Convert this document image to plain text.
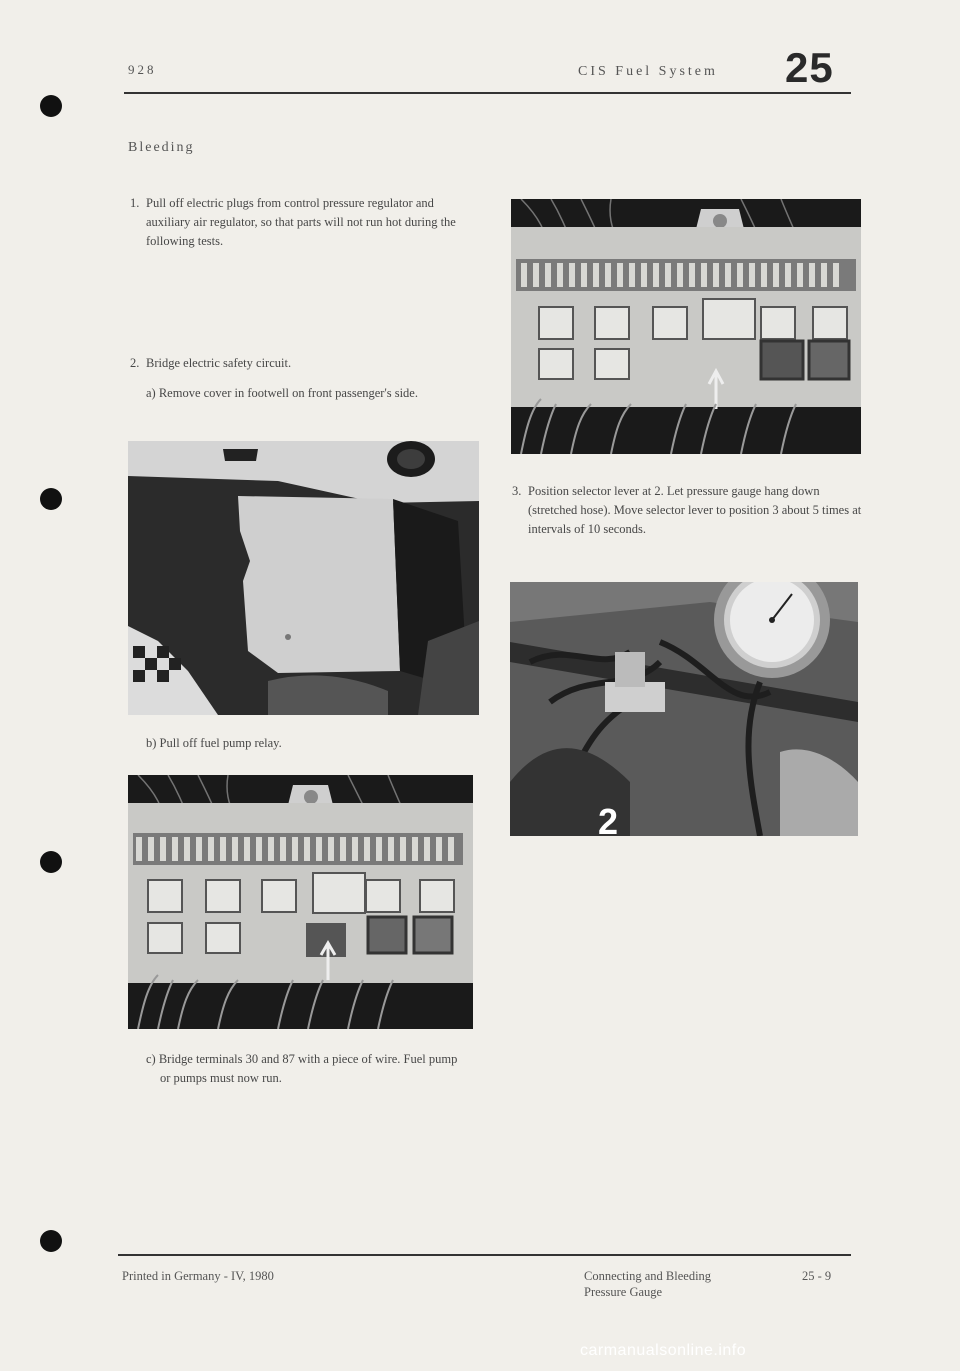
928	CIS Fuel System 25
Bleeding
1. Pull off electric plugs from control pressure regulator and auxiliary air regulator, so that parts will not run hot during the following tests.
2. Bridge electric safety circuit.
a) Remove cover in footwell on front passenger's side.
b) Pull off fuel pump relay.
c) Bridge terminals 30 and 87 with a piece of wire. Fuel pump or pumps must now run.
3. Position selector lever at 2. Let pressure gauge hang down (stretched hose). Move selector lever to position 3 about 5 times at intervals of 10 seconds.
2
Printed in Germany - IV, 1980	Connecting and Bleeding
Pressure Gauge
25 - 9
carmanualsonline.info
